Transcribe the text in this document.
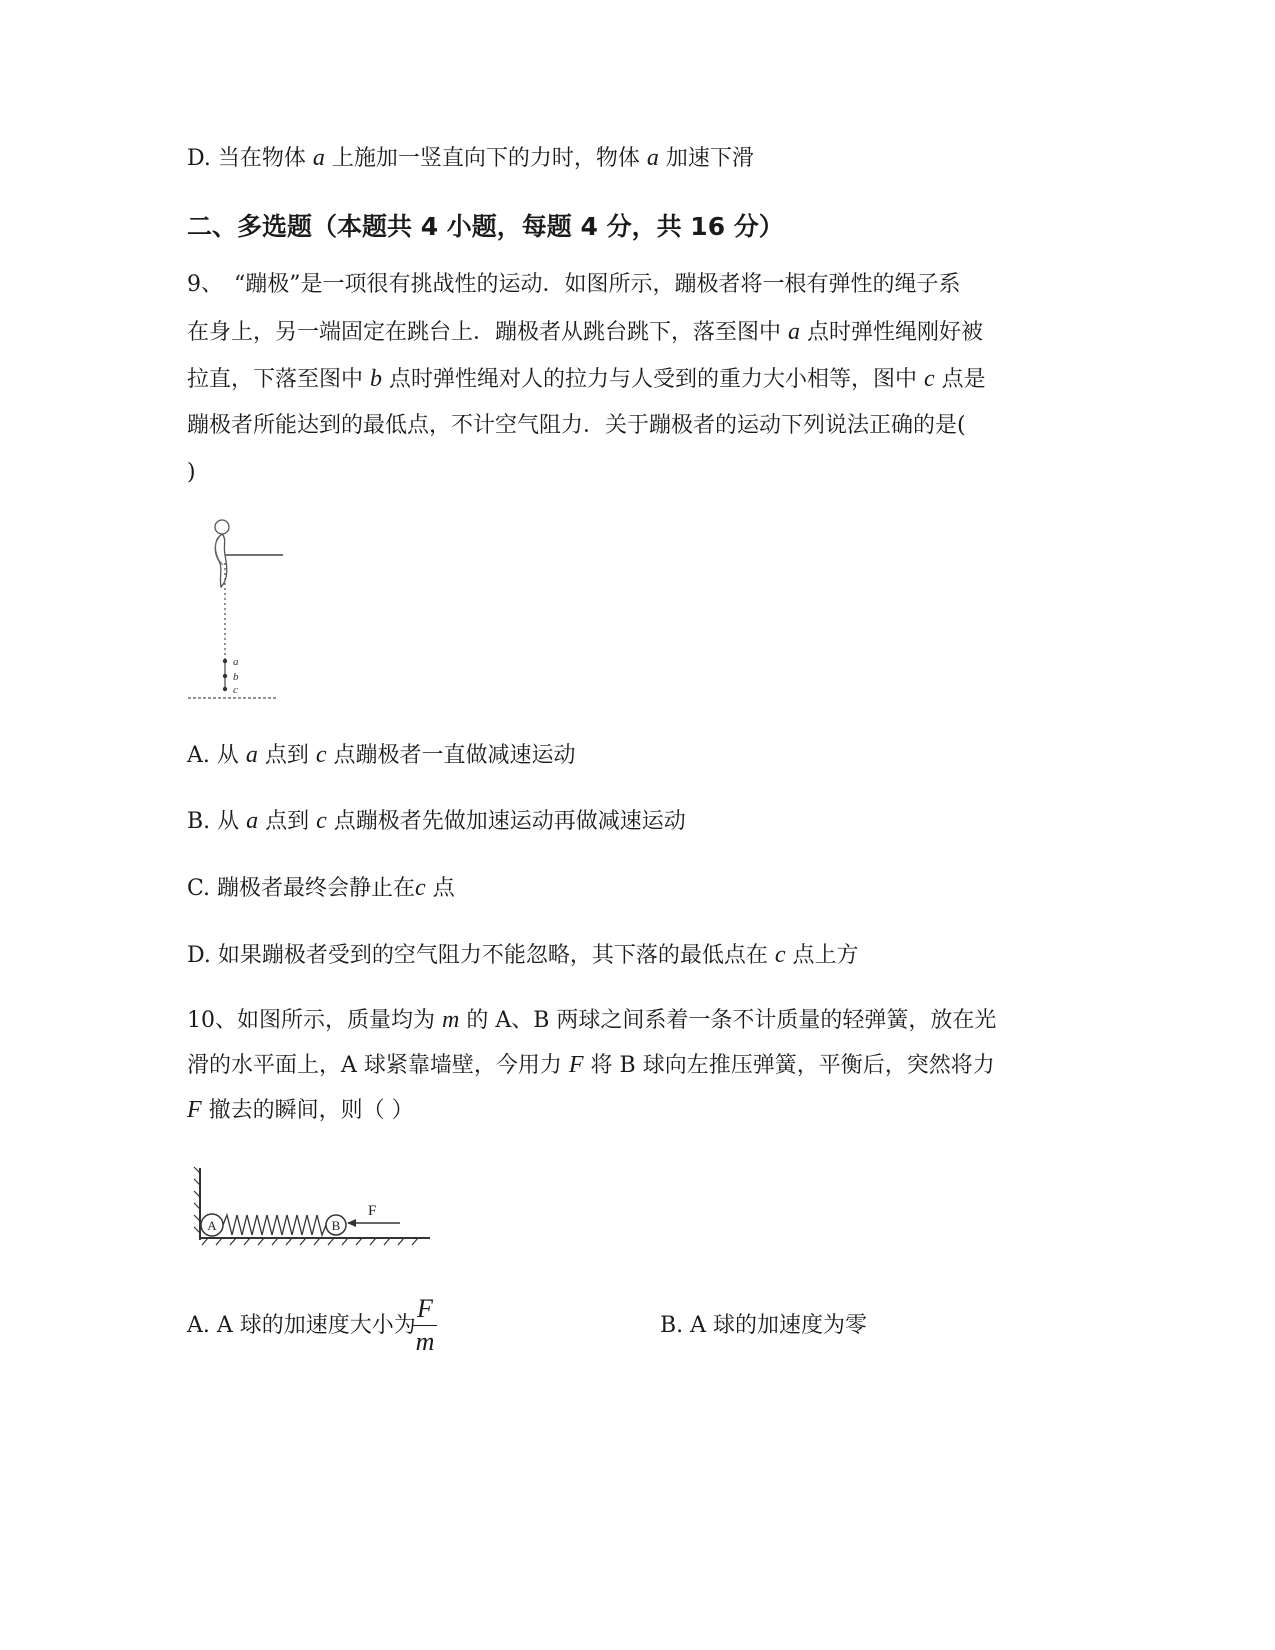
D. 当在物体 a 上施加一竖直向下的力时，物体 a 加速下滑
二、多选题（本题共 4 小题，每题 4 分，共 16 分）
9、　“蹦极”是一项很有挑战性的运动．如图所示，蹦极者将一根有弹性的绳子系
在身上，另一端固定在跳台上．蹦极者从跳台跳下，落至图中 a 点时弹性绳刚好被
拉直，下落至图中 b 点时弹性绳对人的拉力与人受到的重力大小相等，图中 c 点是
蹦极者所能达到的最低点，不计空气阻力．关于蹦极者的运动下列说法正确的是(
)
a
b
c
A. 从 a 点到 c 点蹦极者一直做减速运动
B. 从 a 点到 c 点蹦极者先做加速运动再做减速运动
C. 蹦极者最终会静止在c 点
D. 如果蹦极者受到的空气阻力不能忽略，其下落的最低点在 c 点上方
10、如图所示，质量均为 m 的 A、B 两球之间系着一条不计质量的轻弹簧，放在光
滑的水平面上，A 球紧靠墙壁，今用力 F 将 B 球向左推压弹簧，平衡后，突然将力
F 撤去的瞬间，则（ ）
A	B
F
A. A 球的加速度大小为
F
m
B. A 球的加速度为零
